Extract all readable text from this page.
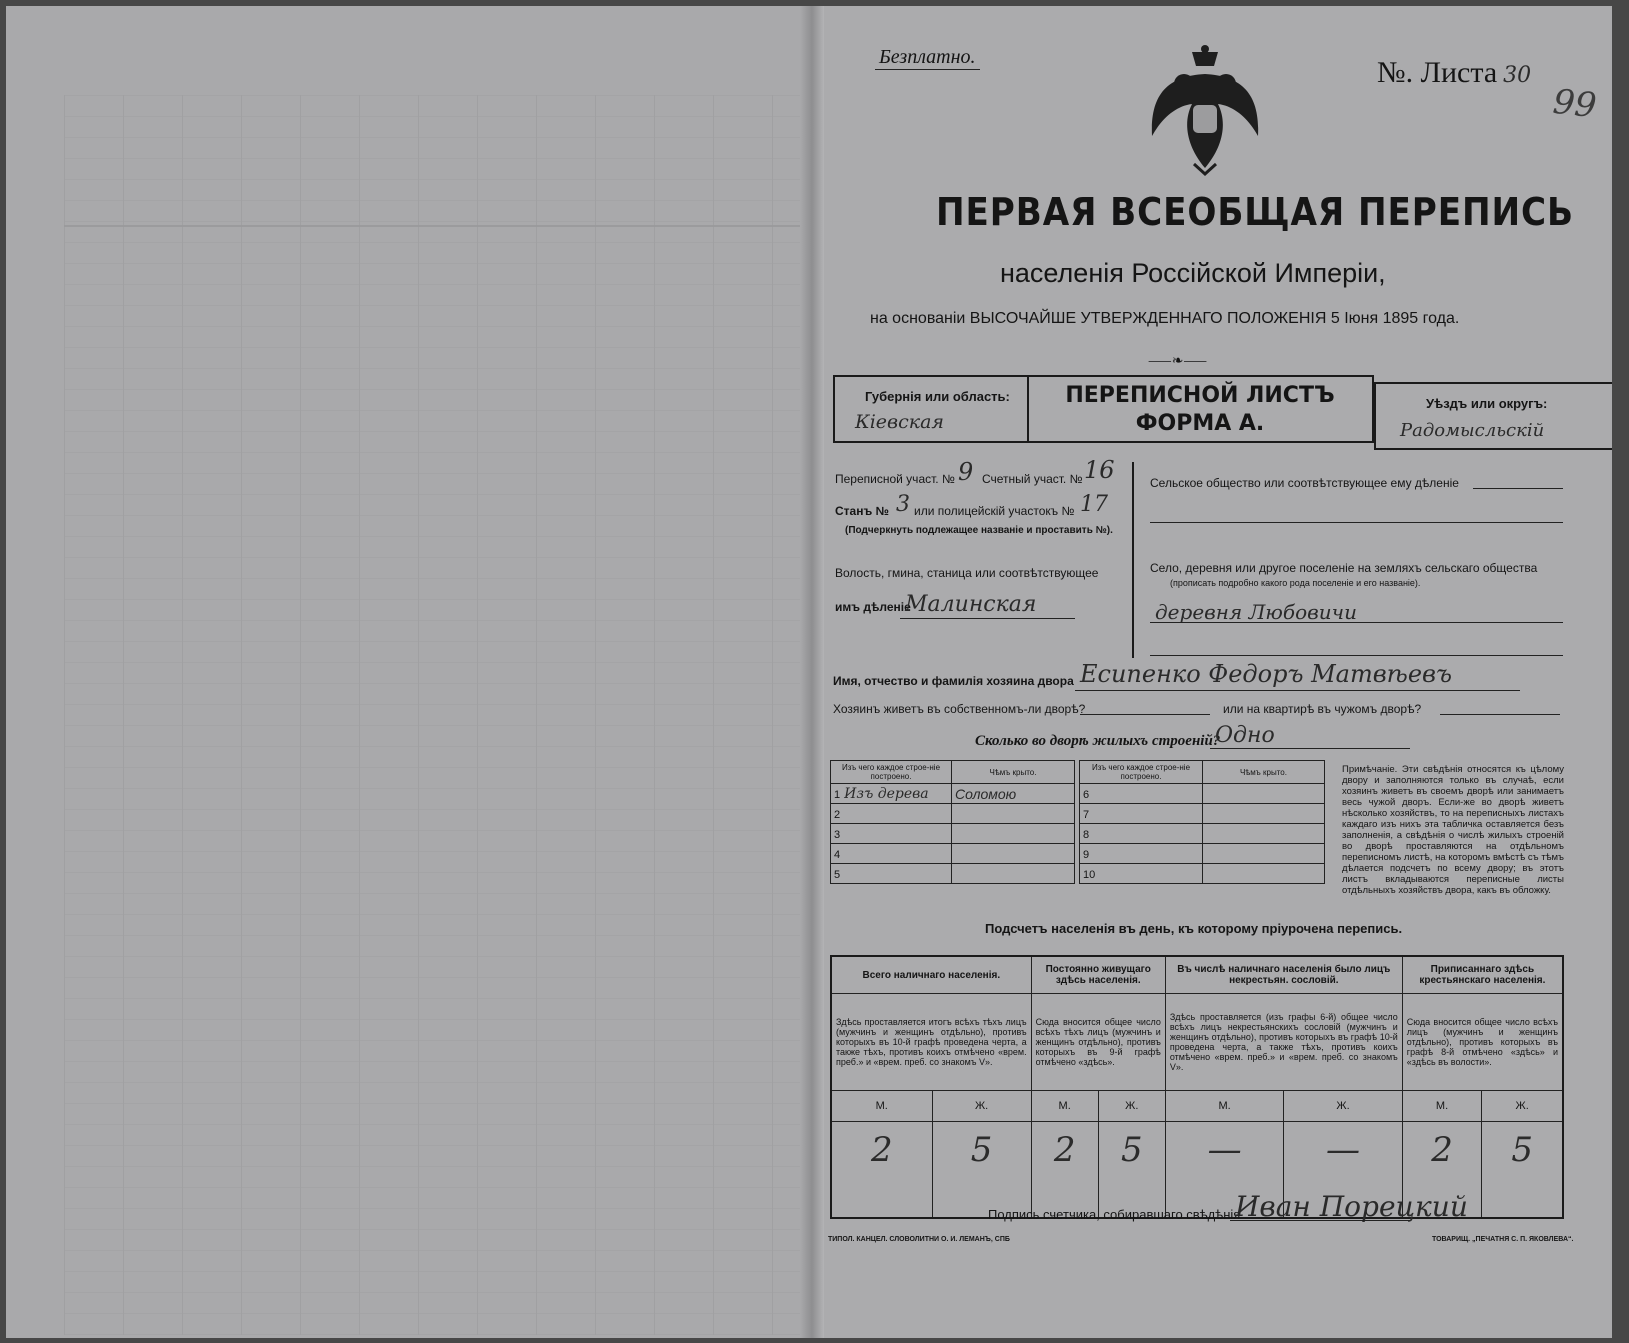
Безплатно.	№. Листа 30
99
ПЕРВАЯ ВСЕОБЩАЯ ПЕРЕПИСЬ
населенія Россійской Имперіи,
на основаніи ВЫСОЧАЙШЕ УТВЕРЖДЕННАГО ПОЛОЖЕНІЯ 5 Іюня 1895 года.
⸺❧⸺
Губернія или область:
Кіевская
ПЕРЕПИСНОЙ ЛИСТЪ
ФОРМА А.
Уѣздъ или округъ:
Радомысльскій
Переписной участ. № 9 Счетный участ. № 16
Станъ № 3 или полицейскій участокъ № 17
(Подчеркнуть подлежащее названіе и проставить №).
Волость, гмина, станица или соотвѣтствующее
имъ дѣленіе
Малинская
Сельское общество или соотвѣтствующее ему дѣленіе
Село, деревня или другое поселеніе на земляхъ сельскаго общества
(прописать подробно какого рода поселеніе и его названіе).
деревня Любовичи
Имя, отчество и фамилія хозяина двора Есипенко Федоръ Матвѣевъ
Хозяинъ живетъ въ собственномъ-ли дворѣ?	или на квартирѣ въ чужомъ дворѣ?
Сколько во дворѣ жилыхъ строеній?
Одно
Изъ чего каждое строе-ніе построено.	Чѣмъ крыто.
1 Изъ дерева	Соломою
2	
3	
4	
5	
Изъ чего каждое строе-ніе построено.	Чѣмъ крыто.
6	
7	
8	
9	
10	
Примѣчаніе. Эти свѣдѣнія относятся къ цѣлому двору и заполняются только въ случаѣ, если хозяинъ живетъ въ своемъ дворѣ или занимаетъ весь чужой дворъ. Если-же во дворѣ живетъ нѣсколько хозяйствъ, то на переписныхъ листахъ каждаго изъ нихъ эта табличка оставляется безъ заполненія, а свѣдѣнія о числѣ жилыхъ строеній во дворѣ проставляются на отдѣльномъ переписномъ листѣ, на которомъ вмѣстѣ съ тѣмъ дѣлается подсчетъ по всему двору; въ этотъ листъ вкладываются переписные листы отдѣльныхъ хозяйствъ двора, какъ въ обложку.
Подсчетъ населенія въ день, къ которому пріурочена перепись.
Всего наличнаго населенія.		Постоянно живущаго здѣсь населенія.		Въ числѣ наличнаго населенія было лицъ некрестьян. сословій.		Приписаннаго здѣсь крестьянскаго населенія.	
Здѣсь проставляется итогъ всѣхъ тѣхъ лицъ (мужчинъ и женщинъ отдѣльно), противъ которыхъ въ 10-й графѣ проведена черта, а также тѣхъ, противъ коихъ отмѣчено «врем. преб.» и «врем. преб. со знакомъ V».		Сюда вносится общее число всѣхъ тѣхъ лицъ (мужчинъ и женщинъ отдѣльно), противъ которыхъ въ 9-й графѣ отмѣчено «здѣсь».		Здѣсь проставляется (изъ графы 6-й) общее число всѣхъ лицъ некрестьянскихъ сословій (мужчинъ и женщинъ отдѣльно), противъ которыхъ въ графѣ 10-й проведена черта, а также тѣхъ, противъ коихъ отмѣчено «врем. преб.» и «врем. преб. со знакомъ V».		Сюда вносится общее число всѣхъ лицъ (мужчинъ и женщинъ отдѣльно), противъ которыхъ въ графѣ 8-й отмѣчено «здѣсь» и «здѣсь въ волости».	
М.	Ж.	М.	Ж.	М.	Ж.	М.	Ж.
2	5	2	5	—	—	2	5
Подпись счетчика, собиравшаго свѣдѣнія
Иван Порецкий
ТИПОЛ. КАНЦЕЛ. СЛОВОЛИТНИ О. И. ЛЕМАНЪ, СПБ	ТОВАРИЩ. „ПЕЧАТНЯ С. П. ЯКОВЛЕВА“.
